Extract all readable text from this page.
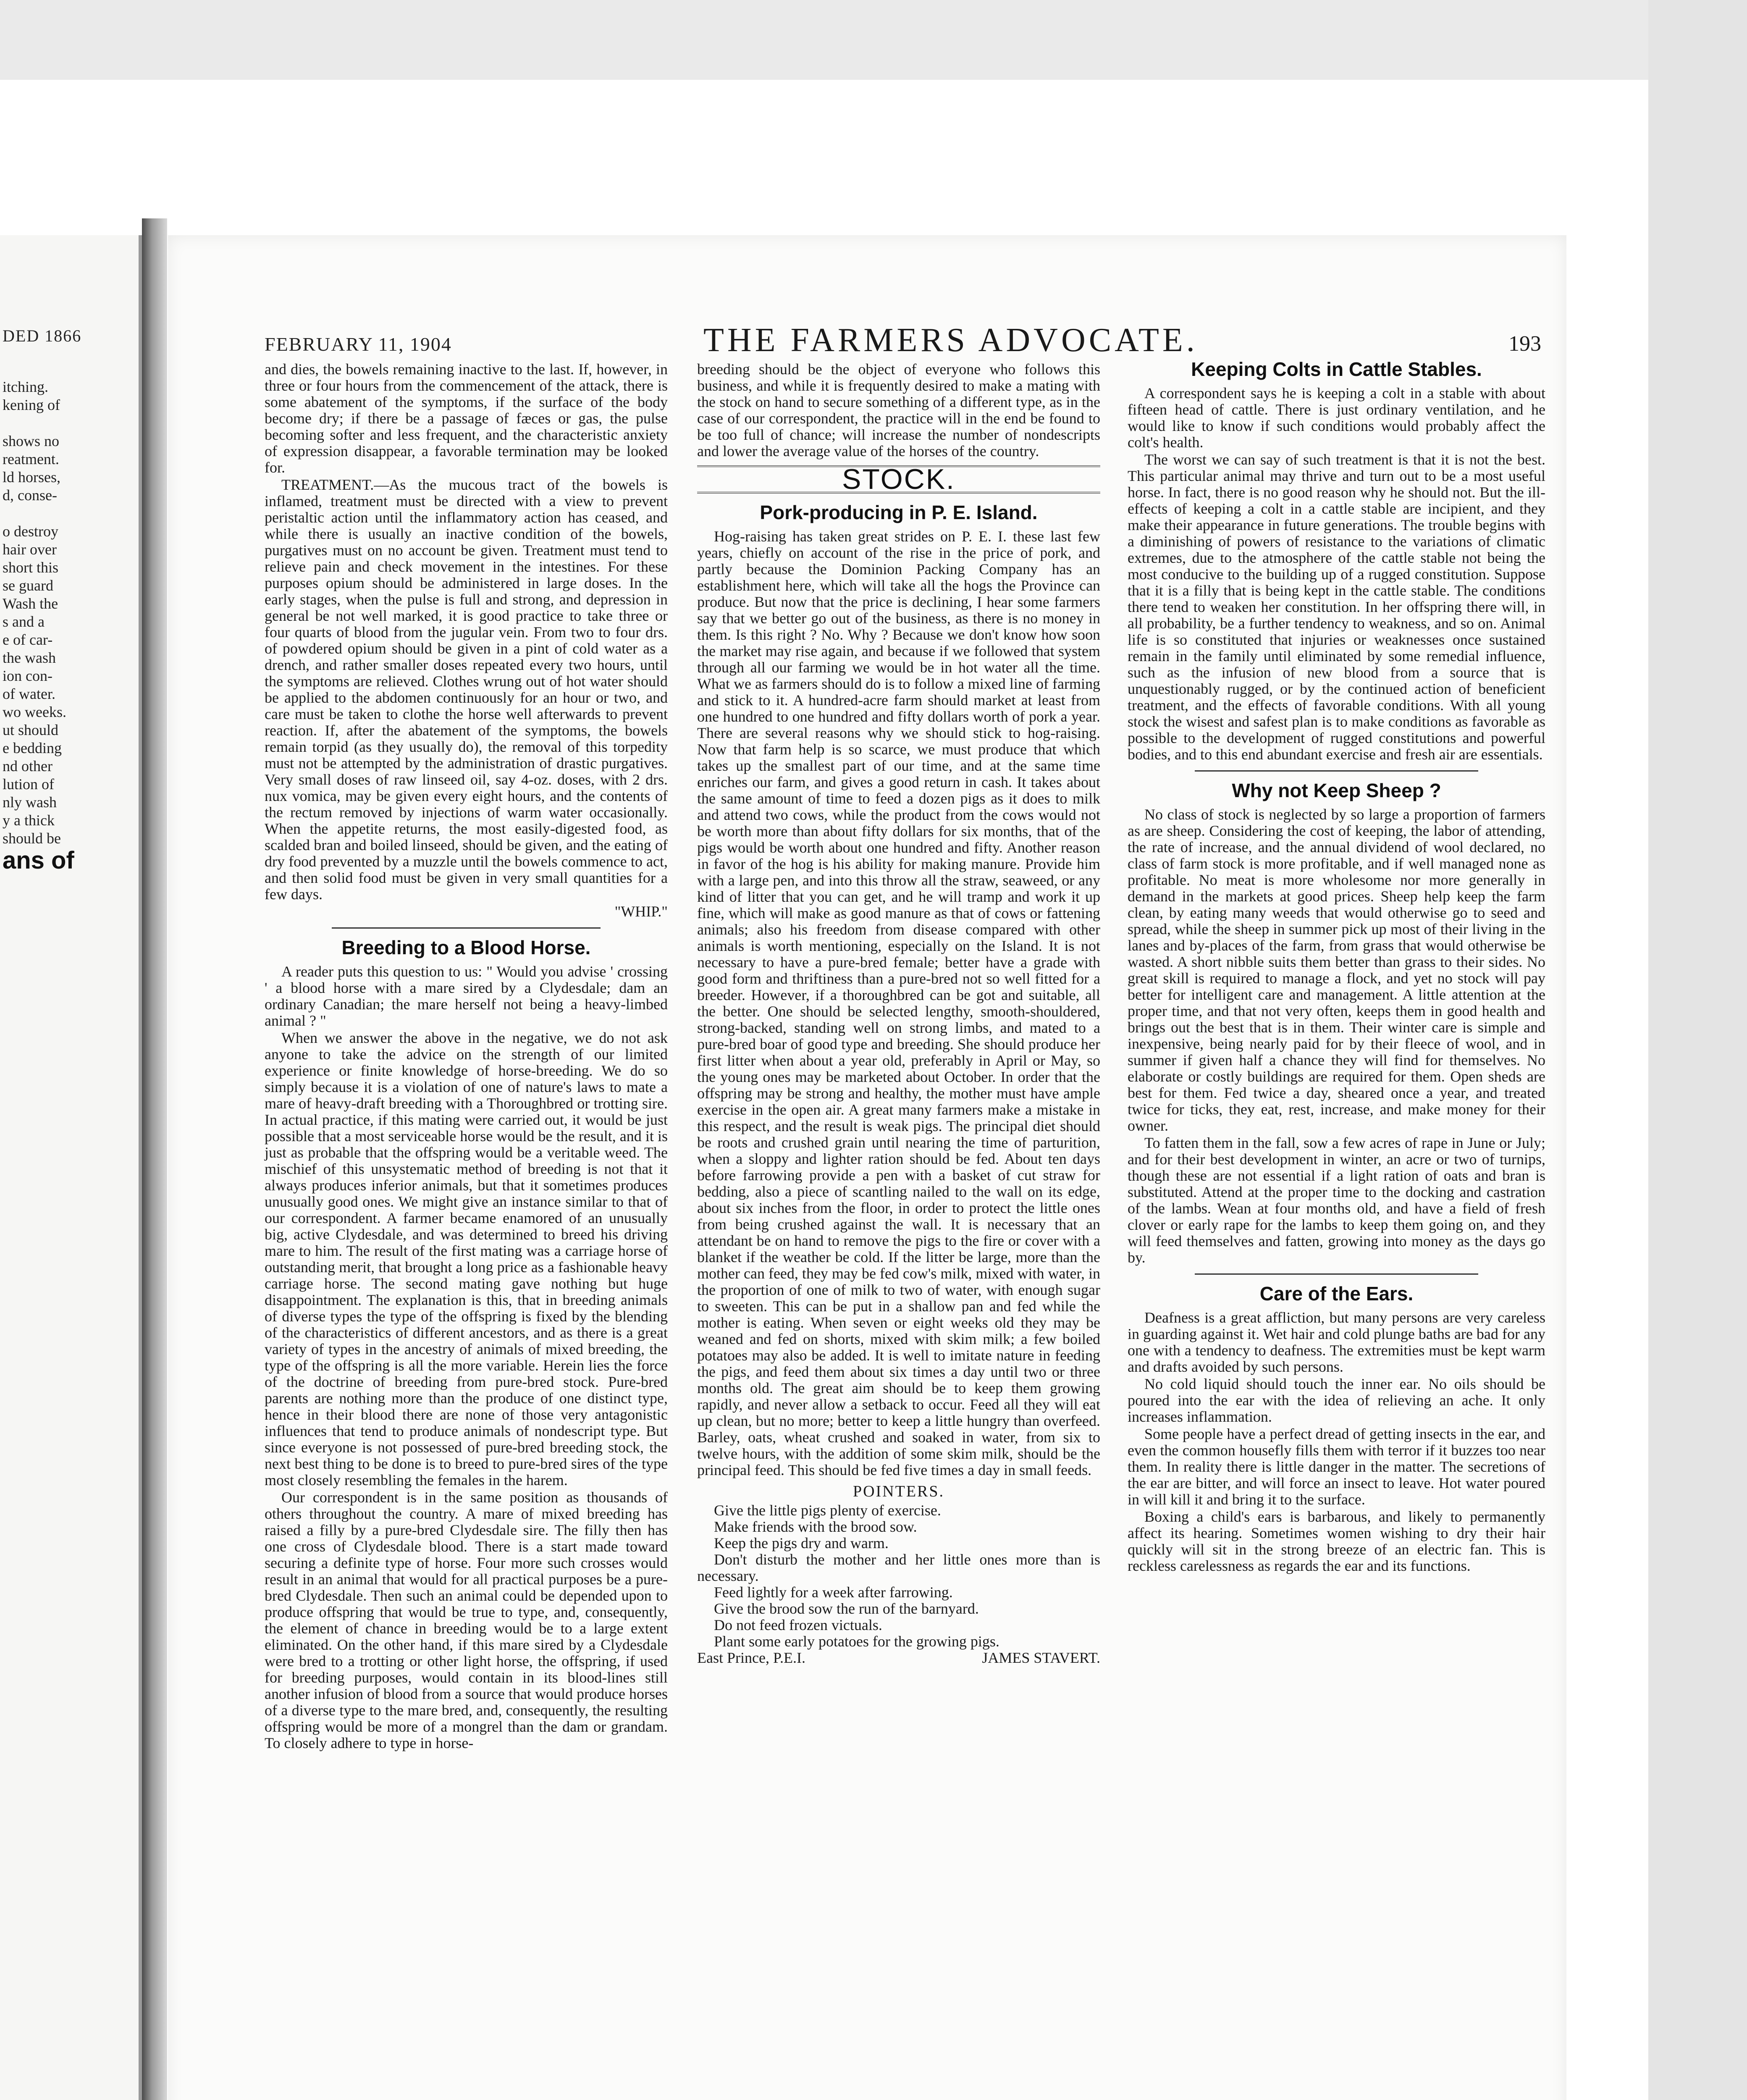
DED 1866
itching.
kening of
shows no
reatment.
ld horses,
d, conse-
o destroy
hair over
short this
se guard
Wash the
s and a
e of car-
the wash
ion con-
of water.
wo weeks.
ut should
e bedding
nd other
lution of
nly wash
y a thick
should be
ans of
FEBRUARY 11, 1904	THE FARMERS ADVOCATE.	193

and dies, the bowels remaining inactive to the last. If, however, in three or four hours from the commencement of the attack, there is some abatement of the symptoms, if the surface of the body become dry; if there be a passage of fæces or gas, the pulse becoming softer and less frequent, and the characteristic anxiety of expression disappear, a favorable termination may be looked for.

TREATMENT.—As the mucous tract of the bowels is inflamed, treatment must be directed with a view to prevent peristaltic action until the inflammatory action has ceased, and while there is usually an inactive condition of the bowels, purgatives must on no account be given. Treatment must tend to relieve pain and check movement in the intestines. For these purposes opium should be administered in large doses. In the early stages, when the pulse is full and strong, and depression in general be not well marked, it is good practice to take three or four quarts of blood from the jugular vein. From two to four drs. of powdered opium should be given in a pint of cold water as a drench, and rather smaller doses repeated every two hours, until the symptoms are relieved. Clothes wrung out of hot water should be applied to the abdomen continuously for an hour or two, and care must be taken to clothe the horse well afterwards to prevent reaction. If, after the abatement of the symptoms, the bowels remain torpid (as they usually do), the removal of this torpedity must not be attempted by the administration of drastic purgatives. Very small doses of raw linseed oil, say 4-oz. doses, with 2 drs. nux vomica, may be given every eight hours, and the contents of the rectum removed by injections of warm water occasionally. When the appetite returns, the most easily-digested food, as scalded bran and boiled linseed, should be given, and the eating of dry food prevented by a muzzle until the bowels commence to act, and then solid food must be given in very small quantities for a few days.

"WHIP."

Breeding to a Blood Horse.

A reader puts this question to us: " Would you advise ' crossing ' a blood horse with a mare sired by a Clydesdale; dam an ordinary Canadian; the mare herself not being a heavy-limbed animal ? "

When we answer the above in the negative, we do not ask anyone to take the advice on the strength of our limited experience or finite knowledge of horse-breeding. We do so simply because it is a violation of one of nature's laws to mate a mare of heavy-draft breeding with a Thoroughbred or trotting sire. In actual practice, if this mating were carried out, it would be just possible that a most serviceable horse would be the result, and it is just as probable that the offspring would be a veritable weed. The mischief of this unsystematic method of breeding is not that it always produces inferior animals, but that it sometimes produces unusually good ones. We might give an instance similar to that of our correspondent. A farmer became enamored of an unusually big, active Clydesdale, and was determined to breed his driving mare to him. The result of the first mating was a carriage horse of outstanding merit, that brought a long price as a fashionable heavy carriage horse. The second mating gave nothing but huge disappointment. The explanation is this, that in breeding animals of diverse types the type of the offspring is fixed by the blending of the characteristics of different ancestors, and as there is a great variety of types in the ancestry of animals of mixed breeding, the type of the offspring is all the more variable. Herein lies the force of the doctrine of breeding from pure-bred stock. Pure-bred parents are nothing more than the produce of one distinct type, hence in their blood there are none of those very antagonistic influences that tend to produce animals of nondescript type. But since everyone is not possessed of pure-bred breeding stock, the next best thing to be done is to breed to pure-bred sires of the type most closely resembling the females in the harem.

Our correspondent is in the same position as thousands of others throughout the country. A mare of mixed breeding has raised a filly by a pure-bred Clydesdale sire. The filly then has one cross of Clydesdale blood. There is a start made toward securing a definite type of horse. Four more such crosses would result in an animal that would for all practical purposes be a pure-bred Clydesdale. Then such an animal could be depended upon to produce offspring that would be true to type, and, consequently, the element of chance in breeding would be to a large extent eliminated. On the other hand, if this mare sired by a Clydesdale were bred to a trotting or other light horse, the offspring, if used for breeding purposes, would contain in its blood-lines still another infusion of blood from a source that would produce horses of a diverse type to the mare bred, and, consequently, the resulting offspring would be more of a mongrel than the dam or grandam. To closely adhere to type in horse-

breeding should be the object of everyone who follows this business, and while it is frequently desired to make a mating with the stock on hand to secure something of a different type, as in the case of our correspondent, the practice will in the end be found to be too full of chance; will increase the number of nondescripts and lower the average value of the horses of the country.

STOCK.
Pork-producing in P. E. Island.

Hog-raising has taken great strides on P. E. I. these last few years, chiefly on account of the rise in the price of pork, and partly because the Dominion Packing Company has an establishment here, which will take all the hogs the Province can produce. But now that the price is declining, I hear some farmers say that we better go out of the business, as there is no money in them. Is this right ? No. Why ? Because we don't know how soon the market may rise again, and because if we followed that system through all our farming we would be in hot water all the time. What we as farmers should do is to follow a mixed line of farming and stick to it. A hundred-acre farm should market at least from one hundred to one hundred and fifty dollars worth of pork a year. There are several reasons why we should stick to hog-raising. Now that farm help is so scarce, we must produce that which takes up the smallest part of our time, and at the same time enriches our farm, and gives a good return in cash. It takes about the same amount of time to feed a dozen pigs as it does to milk and attend two cows, while the product from the cows would not be worth more than about fifty dollars for six months, that of the pigs would be worth about one hundred and fifty. Another reason in favor of the hog is his ability for making manure. Provide him with a large pen, and into this throw all the straw, seaweed, or any kind of litter that you can get, and he will tramp and work it up fine, which will make as good manure as that of cows or fattening animals; also his freedom from disease compared with other animals is worth mentioning, especially on the Island. It is not necessary to have a pure-bred female; better have a grade with good form and thriftiness than a pure-bred not so well fitted for a breeder. However, if a thoroughbred can be got and suitable, all the better. One should be selected lengthy, smooth-shouldered, strong-backed, standing well on strong limbs, and mated to a pure-bred boar of good type and breeding. She should produce her first litter when about a year old, preferably in April or May, so the young ones may be marketed about October. In order that the offspring may be strong and healthy, the mother must have ample exercise in the open air. A great many farmers make a mistake in this respect, and the result is weak pigs. The principal diet should be roots and crushed grain until nearing the time of parturition, when a sloppy and lighter ration should be fed. About ten days before farrowing provide a pen with a basket of cut straw for bedding, also a piece of scantling nailed to the wall on its edge, about six inches from the floor, in order to protect the little ones from being crushed against the wall. It is necessary that an attendant be on hand to remove the pigs to the fire or cover with a blanket if the weather be cold. If the litter be large, more than the mother can feed, they may be fed cow's milk, mixed with water, in the proportion of one of milk to two of water, with enough sugar to sweeten. This can be put in a shallow pan and fed while the mother is eating. When seven or eight weeks old they may be weaned and fed on shorts, mixed with skim milk; a few boiled potatoes may also be added. It is well to imitate nature in feeding the pigs, and feed them about six times a day until two or three months old. The great aim should be to keep them growing rapidly, and never allow a setback to occur. Feed all they will eat up clean, but no more; better to keep a little hungry than overfeed. Barley, oats, wheat crushed and soaked in water, from six to twelve hours, with the addition of some skim milk, should be the principal feed. This should be fed five times a day in small feeds.

POINTERS.
Give the little pigs plenty of exercise.
Make friends with the brood sow.
Keep the pigs dry and warm.
Don't disturb the mother and her little ones more than is necessary.
Feed lightly for a week after farrowing.
Give the brood sow the run of the barnyard.
Do not feed frozen victuals.
Plant some early potatoes for the growing pigs.
East Prince, P.E.I.	JAMES STAVERT.
Keeping Colts in Cattle Stables.

A correspondent says he is keeping a colt in a stable with about fifteen head of cattle. There is just ordinary ventilation, and he would like to know if such conditions would probably affect the colt's health.

The worst we can say of such treatment is that it is not the best. This particular animal may thrive and turn out to be a most useful horse. In fact, there is no good reason why he should not. But the ill-effects of keeping a colt in a cattle stable are incipient, and they make their appearance in future generations. The trouble begins with a diminishing of powers of resistance to the variations of climatic extremes, due to the atmosphere of the cattle stable not being the most conducive to the building up of a rugged constitution. Suppose that it is a filly that is being kept in the cattle stable. The conditions there tend to weaken her constitution. In her offspring there will, in all probability, be a further tendency to weakness, and so on. Animal life is so constituted that injuries or weaknesses once sustained remain in the family until eliminated by some remedial influence, such as the infusion of new blood from a source that is unquestionably rugged, or by the continued action of beneficient treatment, and the effects of favorable conditions. With all young stock the wisest and safest plan is to make conditions as favorable as possible to the development of rugged constitutions and powerful bodies, and to this end abundant exercise and fresh air are essentials.

Why not Keep Sheep ?

No class of stock is neglected by so large a proportion of farmers as are sheep. Considering the cost of keeping, the labor of attending, the rate of increase, and the annual dividend of wool declared, no class of farm stock is more profitable, and if well managed none as profitable. No meat is more wholesome nor more generally in demand in the markets at good prices. Sheep help keep the farm clean, by eating many weeds that would otherwise go to seed and spread, while the sheep in summer pick up most of their living in the lanes and by-places of the farm, from grass that would otherwise be wasted. A short nibble suits them better than grass to their sides. No great skill is required to manage a flock, and yet no stock will pay better for intelligent care and management. A little attention at the proper time, and that not very often, keeps them in good health and brings out the best that is in them. Their winter care is simple and inexpensive, being nearly paid for by their fleece of wool, and in summer if given half a chance they will find for themselves. No elaborate or costly buildings are required for them. Open sheds are best for them. Fed twice a day, sheared once a year, and treated twice for ticks, they eat, rest, increase, and make money for their owner.

To fatten them in the fall, sow a few acres of rape in June or July; and for their best development in winter, an acre or two of turnips, though these are not essential if a light ration of oats and bran is substituted. Attend at the proper time to the docking and castration of the lambs. Wean at four months old, and have a field of fresh clover or early rape for the lambs to keep them going on, and they will feed themselves and fatten, growing into money as the days go by.

Care of the Ears.

Deafness is a great affliction, but many persons are very careless in guarding against it. Wet hair and cold plunge baths are bad for any one with a tendency to deafness. The extremities must be kept warm and drafts avoided by such persons.

No cold liquid should touch the inner ear. No oils should be poured into the ear with the idea of relieving an ache. It only increases inflammation.

Some people have a perfect dread of getting insects in the ear, and even the common housefly fills them with terror if it buzzes too near them. In reality there is little danger in the matter. The secretions of the ear are bitter, and will force an insect to leave. Hot water poured in will kill it and bring it to the surface.

Boxing a child's ears is barbarous, and likely to permanently affect its hearing. Sometimes women wishing to dry their hair quickly will sit in the strong breeze of an electric fan. This is reckless carelessness as regards the ear and its functions.
